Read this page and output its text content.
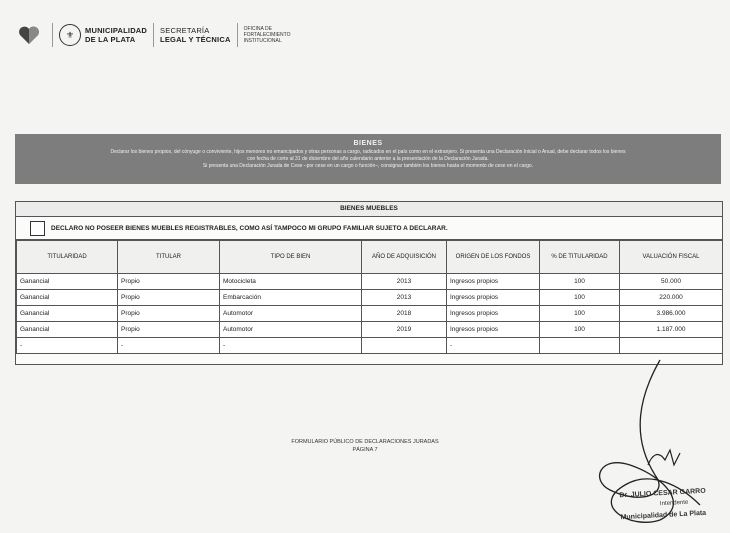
⚜	MUNICIPALIDAD
DE LA PLATA
SECRETARÍA
LEGAL Y TÉCNICA
OFICINA DE
FORTALECIMIENTO
INSTITUCIONAL
BIENES
Declarar los bienes propios, del cónyuge o conviviente, hijos menores no emancipados y otras personas a cargo, radicados en el país como en el extranjero. Si presenta una Declaración Inicial o Anual, debe declarar todos los bienes
con fecha de corte al 31 de diciembre del año calendario anterior a la presentación de la Declaración Jurada.
Si presenta una Declaración Jurada de Cese –por cese en un cargo o función–, consignar también los bienes hasta el momento de cese en el cargo.
BIENES MUEBLES
DECLARO NO POSEER BIENES MUEBLES REGISTRABLES, COMO ASÍ TAMPOCO MI GRUPO FAMILIAR SUJETO A DECLARAR.
TITULARIDAD	TITULAR	TIPO DE BIEN	AÑO DE ADQUISICIÓN	ORIGEN DE LOS FONDOS	% DE TITULARIDAD	VALUACIÓN FISCAL
Ganancial	Propio	Motocicleta	2013	Ingresos propios	100	50.000
Ganancial	Propio	Embarcación	2013	Ingresos propios	100	220.000
Ganancial	Propio	Automotor	2018	Ingresos propios	100	3.986.000
Ganancial	Propio	Automotor	2019	Ingresos propios	100	1.187.000
-	-	-		-		
FORMULARIO PÚBLICO DE DECLARACIONES JURADAS
PÁGINA 7
Dr. JULIO CESAR GARRO
Intendente
Municipalidad de La Plata
